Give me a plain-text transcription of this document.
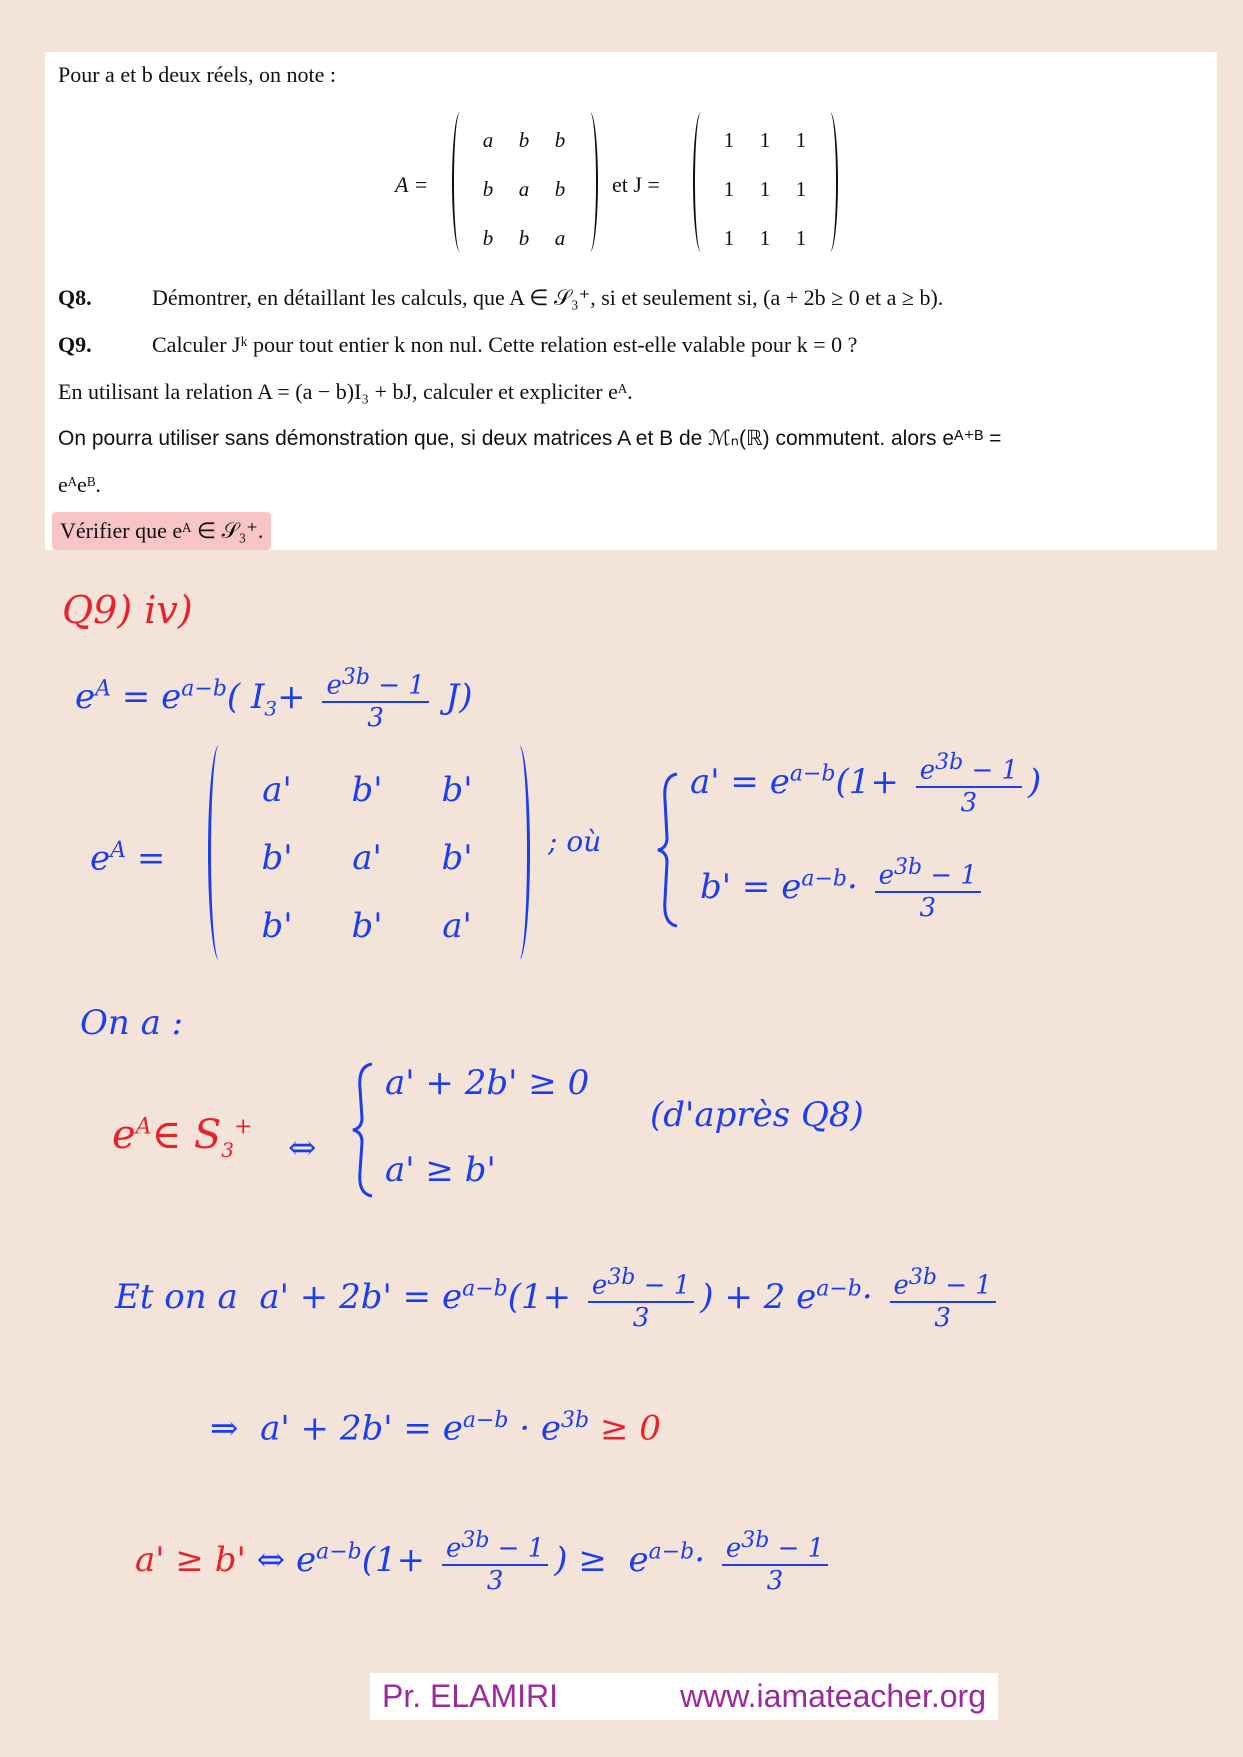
Pour a et b deux réels, on note :
A =
a	b	b
b	a	b
b	b	a
et J =
1	1	1
1	1	1
1	1	1
Q8.	Démontrer, en détaillant les calculs, que A ∈ 𝒮₃⁺, si et seulement si, (a + 2b ≥ 0 et a ≥ b).
Q9.	Calculer Jᵏ pour tout entier k non nul. Cette relation est-elle valable pour k = 0 ?
En utilisant la relation A = (a − b)I₃ + bJ, calculer et expliciter eᴬ.
On pourra utiliser sans démonstration que, si deux matrices A et B de ℳₙ(ℝ) commutent. alors eᴬ⁺ᴮ =
eᴬeᴮ.
Vérifier que eᴬ ∈ 𝒮₃⁺.
Q9) iv)
$e^A = e^{a-b}$( $I_3+ \frac{e^{3b} - 1}{3} J$)
$e^A$ =
a'	b'	b'
b'	a'	b'
b'	b'	a'
; où
$a' = e^{a-b}(1+ \frac{e^{3b} - 1}{3}$ )
$b' = e^{a-b}\cdot \frac{e^{3b} - 1}{3}$
On a :
$e^A\in$ $S_3^+$
⇔
a' + 2b' ≥ 0
a' ≥ b'
(d'après Q8)
Et on a $a' + 2b' = e^{a-b}(1+ \frac{e^{3b} - 1}{3}$ ) + 2 $e^{a-b}\cdot \frac{e^{3b} - 1}{3}$
⇒ $a' + 2b' = e^{a-b} \cdot e^{3b} \ge 0$
a' ≥ b' ⇔ $e^{a-b}(1+ \frac{e^{3b} - 1}{3}$ ) ≥ $e^{a-b}\cdot \frac{e^{3b} - 1}{3}$
Pr. ELAMIRI	www.iamateacher.org
